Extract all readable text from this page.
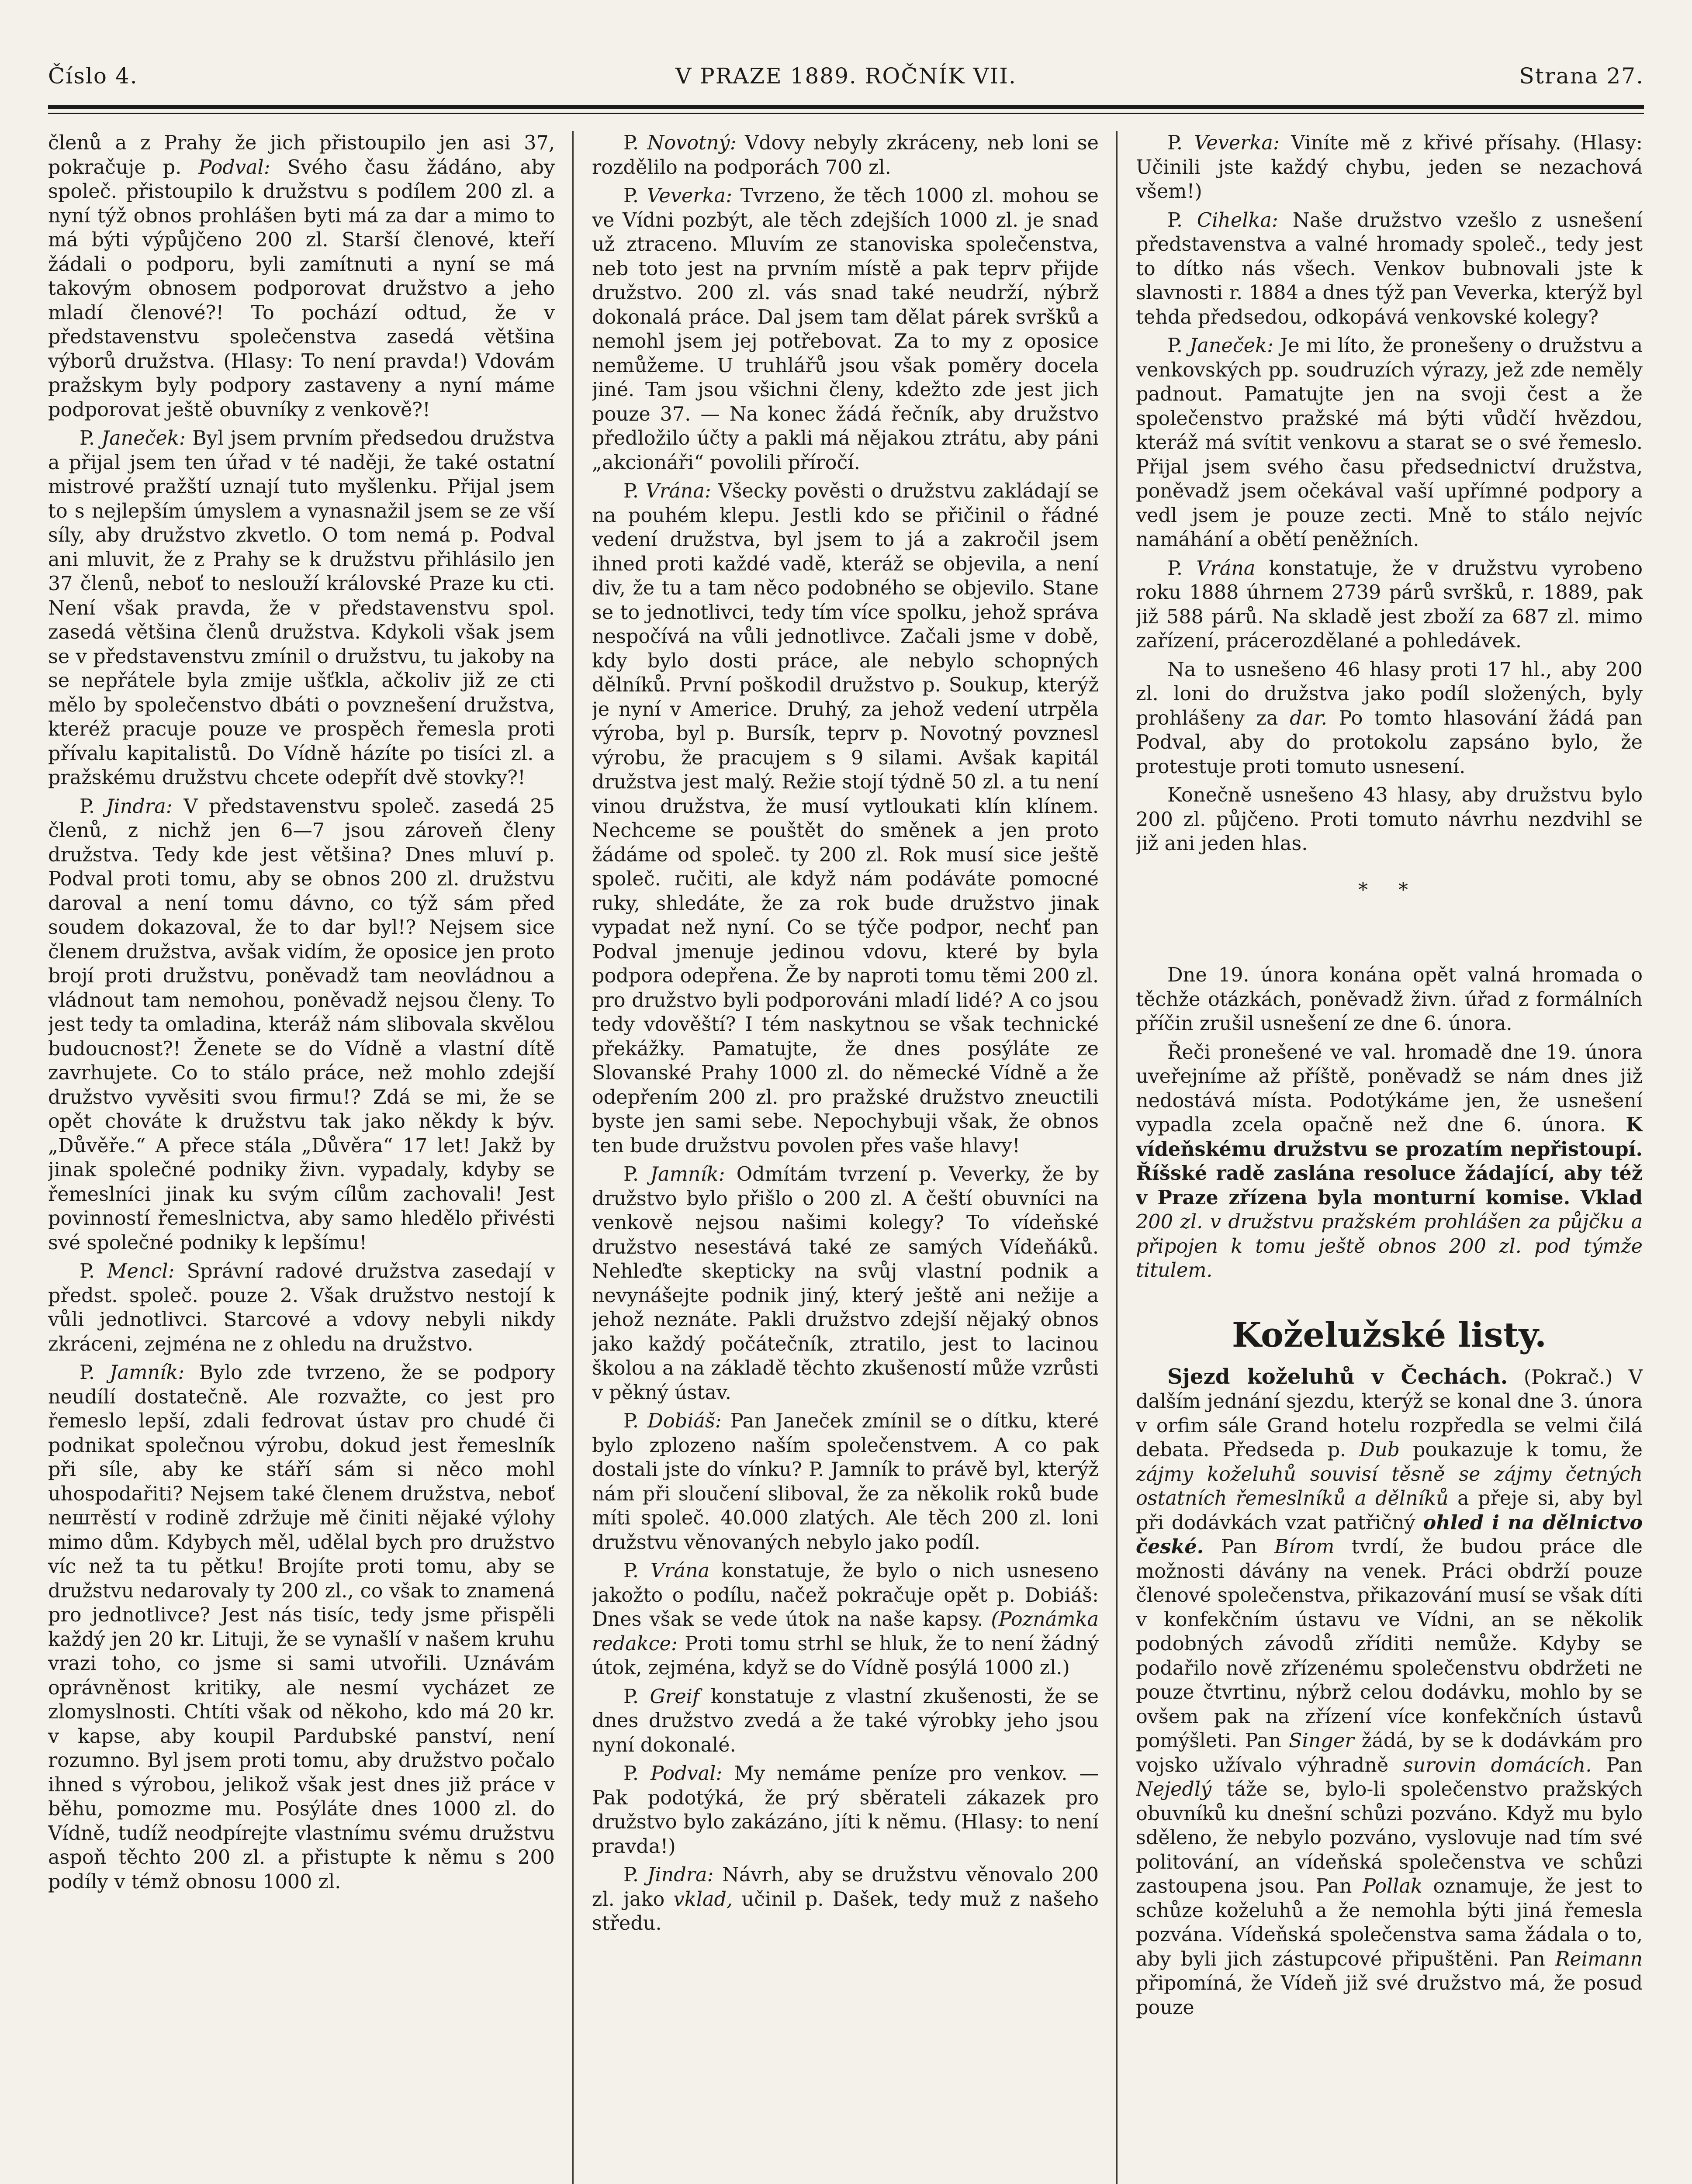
Číslo 4.	V PRAZE 1889. ROČNÍK VII.	Strana 27.

členů a z Prahy že jich přistoupilo jen asi 37, pokračuje p. Podval: Svého času žádáno, aby společ. přistoupilo k družstvu s podílem 200 zl. a nyní týž obnos prohlášen byti má za dar a mimo to má býti výpůjčeno 200 zl. Starší členové, kteří žádali o podporu, byli zamítnuti a nyní se má takovým obnosem podporovat družstvo a jeho mladí členové?! To pochází odtud, že v představenstvu společenstva zasedá většina výborů družstva. (Hlasy: To není pravda!) Vdovám pražskym byly podpory zastaveny a nyní máme podporovat ještě obuvníky z venkově?!

P. Janeček: Byl jsem prvním předsedou družstva a přijal jsem ten úřad v té naději, že také ostatní mistrové pražští uznají tuto myšlenku. Přijal jsem to s nejlepším úmyslem a vynasnažil jsem se ze vší síly, aby družstvo zkvetlo. O tom nemá p. Podval ani mluvit, že z Prahy se k družstvu přihlásilo jen 37 členů, neboť to neslouží královské Praze ku cti. Není však pravda, že v představenstvu spol. zasedá většina členů družstva. Kdykoli však jsem se v představenstvu zmínil o družstvu, tu jakoby na se nepřátele byla zmije ušťkla, ačkoliv již ze cti mělo by společenstvo dbáti o povznešení družstva, kteréž pracuje pouze ve prospěch řemesla proti přívalu kapitalistů. Do Vídně házíte po tisíci zl. a pražskému družstvu chcete odepřít dvě stovky?!

P. Jindra: V představenstvu společ. zasedá 25 členů, z nichž jen 6—7 jsou zároveň členy družstva. Tedy kde jest většina? Dnes mluví p. Podval proti tomu, aby se obnos 200 zl. družstvu daroval a není tomu dávno, co týž sám před soudem dokazoval, že to dar byl!? Nejsem sice členem družstva, avšak vidím, že oposice jen proto brojí proti družstvu, poněvadž tam neovládnou a vládnout tam nemohou, poněvadž nejsou členy. To jest tedy ta omladina, kteráž nám slibovala skvělou budoucnost?! Ženete se do Vídně a vlastní dítě zavrhujete. Co to stálo práce, než mohlo zdejší družstvo vyvěsiti svou firmu!? Zdá se mi, že se opět chováte k družstvu tak jako někdy k býv. „Důvěře.“ A přece stála „Důvěra“ 17 let! Jakž by jinak společné podniky živn. vypadaly, kdyby se řemeslníci jinak ku svým cílům zachovali! Jest povinností řemeslnictva, aby samo hledělo přivésti své společné podniky k lepšímu!

P. Mencl: Správní radové družstva zasedají v předst. společ. pouze 2. Však družstvo nestojí k vůli jednotlivci. Starcové a vdovy nebyli nikdy zkráceni, zejména ne z ohledu na družstvo.

P. Jamník: Bylo zde tvrzeno, že se podpory neudílí dostatečně. Ale rozvažte, co jest pro řemeslo lepší, zdali fedrovat ústav pro chudé či podnikat společnou výrobu, dokud jest řemeslník při síle, aby ke stáří sám si něco mohl uhospodařiti? Nejsem také členem družstva, neboť nештěstí v rodině zdržuje mě činiti nějaké výlohy mimo dům. Kdybych měl, udělal bych pro družstvo víc než ta tu pětku! Brojíte proti tomu, aby se družstvu nedarovaly ty 200 zl., co však to znamená pro jednotlivce? Jest nás tisíc, tedy jsme přispěli každý jen 20 kr. Lituji, že se vynašlí v našem kruhu vrazi toho, co jsme si sami utvořili. Uznávám oprávněnost kritiky, ale nesmí vycházet ze zlomyslnosti. Chtíti však od někoho, kdo má 20 kr. v kapse, aby koupil Pardubské panství, není rozumno. Byl jsem proti tomu, aby družstvo počalo ihned s výrobou, jelikož však jest dnes již práce v běhu, pomozme mu. Posýláte dnes 1000 zl. do Vídně, tudíž neodpírejte vlastnímu svému družstvu aspoň těchto 200 zl. a přistupte k němu s 200 podíly v témž obnosu 1000 zl.

P. Novotný: Vdovy nebyly zkráceny, neb loni se rozdělilo na podporách 700 zl.

P. Veverka: Tvrzeno, že těch 1000 zl. mohou se ve Vídni pozbýt, ale těch zdejších 1000 zl. je snad už ztraceno. Mluvím ze stanoviska společenstva, neb toto jest na prvním místě a pak teprv přijde družstvo. 200 zl. vás snad také neudrží, nýbrž dokonalá práce. Dal jsem tam dělat párek svršků a nemohl jsem jej potřebovat. Za to my z oposice nemůžeme. U truhlářů jsou však poměry docela jiné. Tam jsou všichni členy, kdežto zde jest jich pouze 37. — Na konec žádá řečník, aby družstvo předložilo účty a pakli má nějakou ztrátu, aby páni „akcionáři“ povolili příročí.

P. Vrána: Všecky pověsti o družstvu zakládají se na pouhém klepu. Jestli kdo se přičinil o řádné vedení družstva, byl jsem to já a zakročil jsem ihned proti každé vadě, kteráž se objevila, a není div, že tu a tam něco podobného se objevilo. Stane se to jednotlivci, tedy tím více spolku, jehož správa nespočívá na vůli jednotlivce. Začali jsme v době, kdy bylo dosti práce, ale nebylo schopných dělníků. První poškodil družstvo p. Soukup, kterýž je nyní v Americe. Druhý, za jehož vedení utrpěla výroba, byl p. Bursík, teprv p. Novotný povznesl výrobu, že pracujem s 9 silami. Avšak kapitál družstva jest malý. Režie stojí týdně 50 zl. a tu není vinou družstva, že musí vytloukati klín klínem. Nechceme se pouštět do směnek a jen proto žádáme od společ. ty 200 zl. Rok musí sice ještě společ. ručiti, ale když nám podáváte pomocné ruky, shledáte, že za rok bude družstvo jinak vypadat než nyní. Co se týče podpor, nechť pan Podval jmenuje jedinou vdovu, které by byla podpora odepřena. Že by naproti tomu těmi 200 zl. pro družstvo byli podporováni mladí lidé? A co jsou tedy vdověští? I tém naskytnou se však technické překážky. Pamatujte, že dnes posýláte ze Slovanské Prahy 1000 zl. do německé Vídně a že odepřením 200 zl. pro pražské družstvo zneuctili byste jen sami sebe. Nepochybuji však, že obnos ten bude družstvu povolen přes vaše hlavy!

P. Jamník: Odmítám tvrzení p. Veverky, že by družstvo bylo přišlo o 200 zl. A čeští obuvníci na venkově nejsou našimi kolegy? To vídeňské družstvo nesestává také ze samých Vídeňáků. Nehleďte skepticky na svůj vlastní podnik a nevynášejte podnik jiný, který ještě ani nežije a jehož neznáte. Pakli družstvo zdejší nějaký obnos jako každý počátečník, ztratilo, jest to lacinou školou a na základě těchto zkušeností může vzrůsti v pěkný ústav.

P. Dobiáš: Pan Janeček zmínil se o dítku, které bylo zplozeno naším společenstvem. A co pak dostali jste do vínku? P. Jamník to právě byl, kterýž nám při sloučení sliboval, že za několik roků bude míti společ. 40.000 zlatých. Ale těch 200 zl. loni družstvu věnovaných nebylo jako podíl.

P. Vrána konstatuje, že bylo o nich usneseno jakožto o podílu, načež pokračuje opět p. Dobiáš: Dnes však se vede útok na naše kapsy. (Poznámka redakce: Proti tomu strhl se hluk, že to není žádný útok, zejména, když se do Vídně posýlá 1000 zl.)

P. Greif konstatuje z vlastní zkušenosti, že se dnes družstvo zvedá a že také výrobky jeho jsou nyní dokonalé.

P. Podval: My nemáme peníze pro venkov. — Pak podotýká, že prý sběrateli zákazek pro družstvo bylo zakázáno, jíti k němu. (Hlasy: to není pravda!)

P. Jindra: Návrh, aby se družstvu věnovalo 200 zl. jako vklad, učinil p. Dašek, tedy muž z našeho středu.

P. Veverka: Viníte mě z křivé přísahy. (Hlasy: Učinili jste každý chybu, jeden se nezachová všem!)

P. Cihelka: Naše družstvo vzešlo z usnešení představenstva a valné hromady společ., tedy jest to dítko nás všech. Venkov bubnovali jste k slavnosti r. 1884 a dnes týž pan Veverka, kterýž byl tehda předsedou, odkopává venkovské kolegy?

P. Janeček: Je mi líto, že pronešeny o družstvu a venkovských pp. soudruzích výrazy, jež zde neměly padnout. Pamatujte jen na svoji čest a že společenstvo pražské má býti vůdčí hvězdou, kteráž má svítit venkovu a starat se o své řemeslo. Přijal jsem svého času předsednictví družstva, poněvadž jsem očekával vaší upřímné podpory a vedl jsem je pouze zecti. Mně to stálo nejvíc namáhání a obětí peněžních.

P. Vrána konstatuje, že v družstvu vyrobeno roku 1888 úhrnem 2739 párů svršků, r. 1889, pak již 588 párů. Na skladě jest zboží za 687 zl. mimo zařízení, prácerozdělané a pohledávek.

Na to usnešeno 46 hlasy proti 17 hl., aby 200 zl. loni do družstva jako podíl složených, byly prohlášeny za dar. Po tomto hlasování žádá pan Podval, aby do protokolu zapsáno bylo, že protestuje proti tomuto usnesení.

Konečně usnešeno 43 hlasy, aby družstvu bylo 200 zl. půjčeno. Proti tomuto návrhu nezdvihl se již ani jeden hlas.

* *

Dne 19. února konána opět valná hromada o těchže otázkách, poněvadž živn. úřad z formálních příčin zrušil usnešení ze dne 6. února.

Řeči pronešené ve val. hromadě dne 19. února uveřejníme až příště, poněvadž se nám dnes již nedostává místa. Podotýkáme jen, že usnešení vypadla zcela opačně než dne 6. února. K vídeňskému družstvu se prozatím nepřistoupí. Říšské radě zaslána resoluce žádající, aby též v Praze zřízena byla monturní komise. Vklad 200 zl. v družstvu pražském prohlášen za půjčku a připojen k tomu ještě obnos 200 zl. pod týmže titulem.

Koželužské listy.

Sjezd koželuhů v Čechách. (Pokrač.) V dalším jednání sjezdu, kterýž se konal dne 3. února v orfim sále Grand hotelu rozpředla se velmi čilá debata. Předseda p. Dub poukazuje k tomu, že zájmy koželuhů souvisí těsně se zájmy četných ostatních řemeslníků a dělníků a přeje si, aby byl při dodávkách vzat patřičný ohled i na dělnictvo české. Pan Bírom tvrdí, že budou práce dle možnosti dávány na venek. Práci obdrží pouze členové společenstva, přikazování musí se však díti v konfekčním ústavu ve Vídni, an se několik podobných závodů zříditi nemůže. Kdyby se podařilo nově zřízenému společenstvu obdržeti ne pouze čtvrtinu, nýbrž celou dodávku, mohlo by se ovšem pak na zřízení více konfekčních ústavů pomýšleti. Pan Singer žádá, by se k dodávkám pro vojsko užívalo výhradně surovin domácích. Pan Nejedlý táže se, bylo-li společenstvo pražských obuvníků ku dnešní schůzi pozváno. Když mu bylo sděleno, že nebylo pozváno, vyslovuje nad tím své politování, an vídeňská společenstva ve schůzi zastoupena jsou. Pan Pollak oznamuje, že jest to schůze koželuhů a že nemohla býti jiná řemesla pozvána. Vídeňská společenstva sama žádala o to, aby byli jich zástupcové připuštěni. Pan Reimann připomíná, že Vídeň již své družstvo má, že posud pouze
